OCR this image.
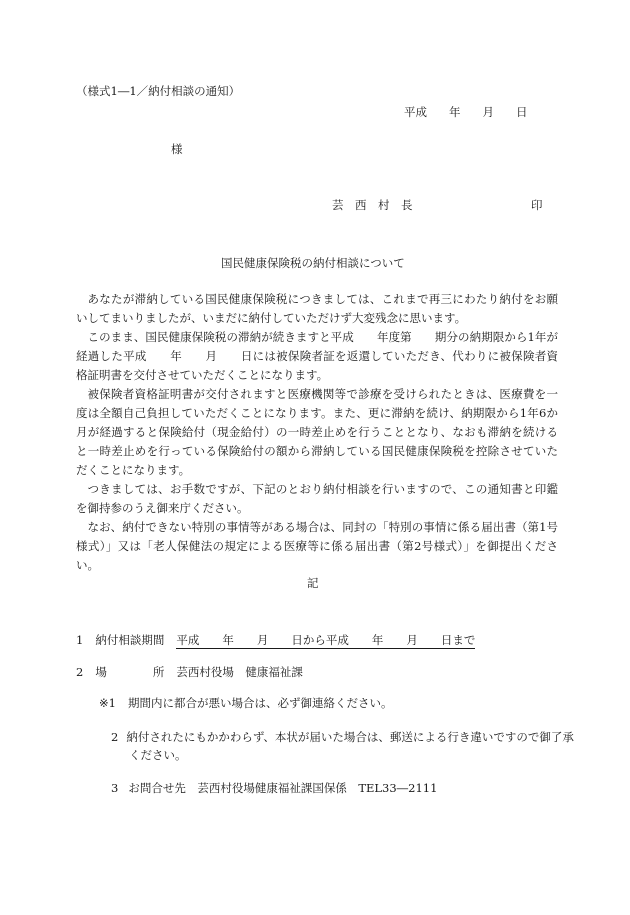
（様式1―1／納付相談の通知）
平成 年 月 日
様
芸　西　村　長	印
国民健康保険税の納付相談について
あなたが滞納している国民健康保険税につきましては、これまで再三にわたり納付をお願いしてまいりましたが、いまだに納付していただけず大変残念に思います。
このまま、国民健康保険税の滞納が続きますと平成　　年度第　　期分の納期限から1年が経過した平成　　年　　月　　日には被保険者証を返還していただき、代わりに被保険者資格証明書を交付させていただくことになります。
被保険者資格証明書が交付されますと医療機関等で診療を受けられたときは、医療費を一度は全額自己負担していただくことになります。また、更に滞納を続け、納期限から1年6か月が経過すると保険給付（現金給付）の一時差止めを行うこととなり、なおも滞納を続けると一時差止めを行っている保険給付の額から滞納している国民健康保険税を控除させていただくことになります。
つきましては、お手数ですが、下記のとおり納付相談を行いますので、この通知書と印鑑を御持参のうえ御来庁ください。
なお、納付できない特別の事情等がある場合は、同封の「特別の事情に係る届出書（第1号様式）」又は「老人保健法の規定による医療等に係る届出書（第2号様式）」を御提出ください。
記
1 納付相談期間 平成　　年　　月　　日から平成　　年　　月　　日まで
2 場　　　　所 芸西村役場　健康福祉課
※1 期間内に都合が悪い場合は、必ず御連絡ください。
2 納付されたにもかかわらず、本状が届いた場合は、郵送による行き違いですので御了承ください。
3 お問合せ先　芸西村役場健康福祉課国保係　TEL33―2111
